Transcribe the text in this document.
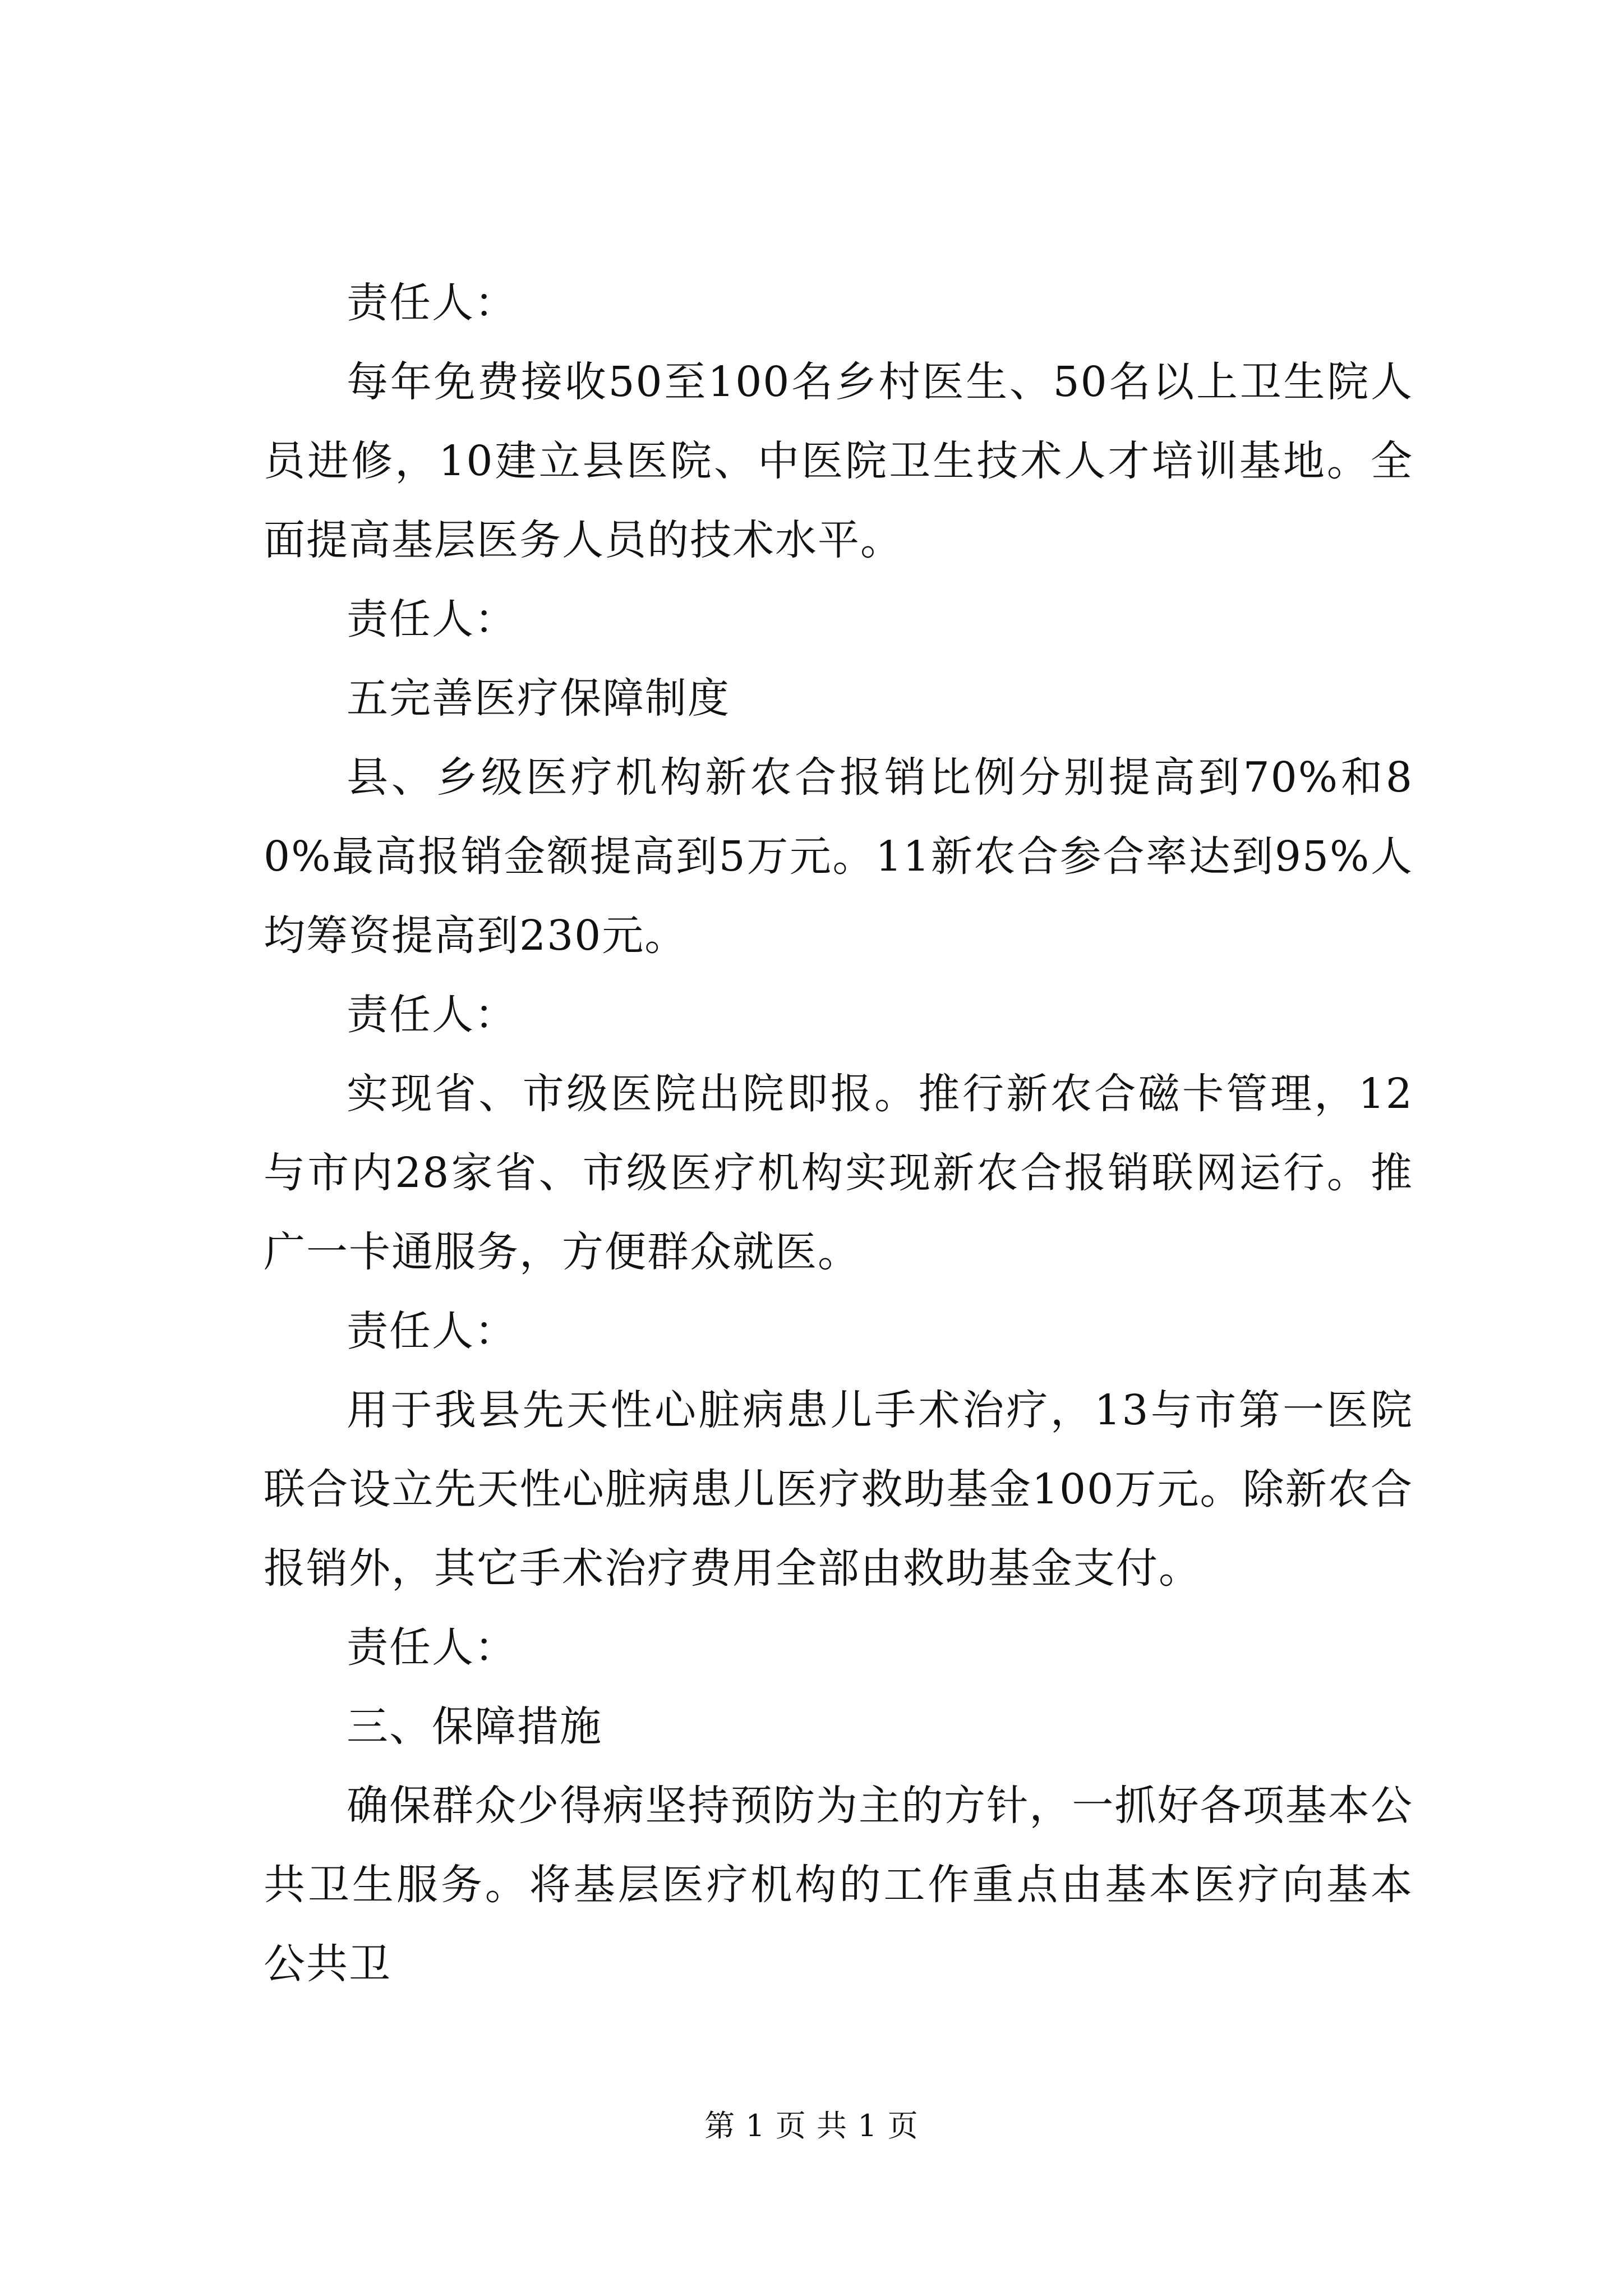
责任人：

每年免费接收50至100名乡村医生、50名以上卫生院人员进修，10建立县医院、中医院卫生技术人才培训基地。全面提高基层医务人员的技术水平。

责任人：

五完善医疗保障制度

县、乡级医疗机构新农合报销比例分别提高到70%和80%最高报销金额提高到5万元。11新农合参合率达到95%人均筹资提高到230元。

责任人：

实现省、市级医院出院即报。推行新农合磁卡管理，12与市内28家省、市级医疗机构实现新农合报销联网运行。推广一卡通服务，方便群众就医。

责任人：

用于我县先天性心脏病患儿手术治疗，13与市第一医院联合设立先天性心脏病患儿医疗救助基金100万元。除新农合报销外，其它手术治疗费用全部由救助基金支付。

责任人：

三、保障措施

确保群众少得病坚持预防为主的方针，一抓好各项基本公共卫生服务。将基层医疗机构的工作重点由基本医疗向基本公共卫

第 1 页 共 1 页
